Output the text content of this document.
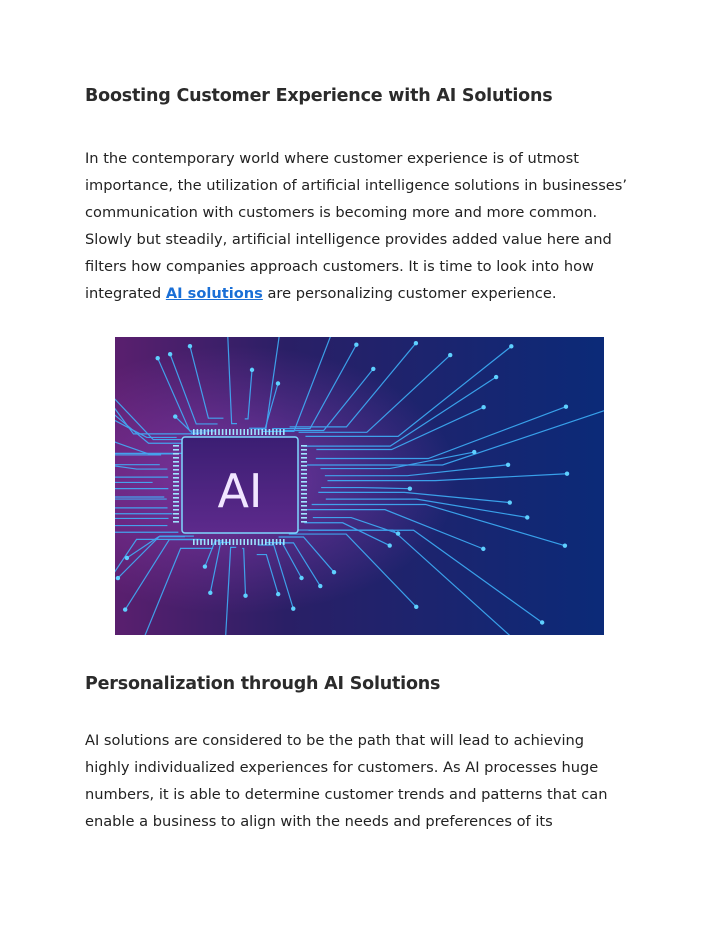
Boosting Customer Experience with AI Solutions
In the contemporary world where customer experience is of utmost
importance, the utilization of artificial intelligence solutions in businesses’
communication with customers is becoming more and more common.
Slowly but steadily, artificial intelligence provides added value here and
filters how companies approach customers. It is time to look into how
integrated AI solutions are personalizing customer experience.
AI
Personalization through AI Solutions
AI solutions are considered to be the path that will lead to achieving
highly individualized experiences for customers. As AI processes huge
numbers, it is able to determine customer trends and patterns that can
enable a business to align with the needs and preferences of its
